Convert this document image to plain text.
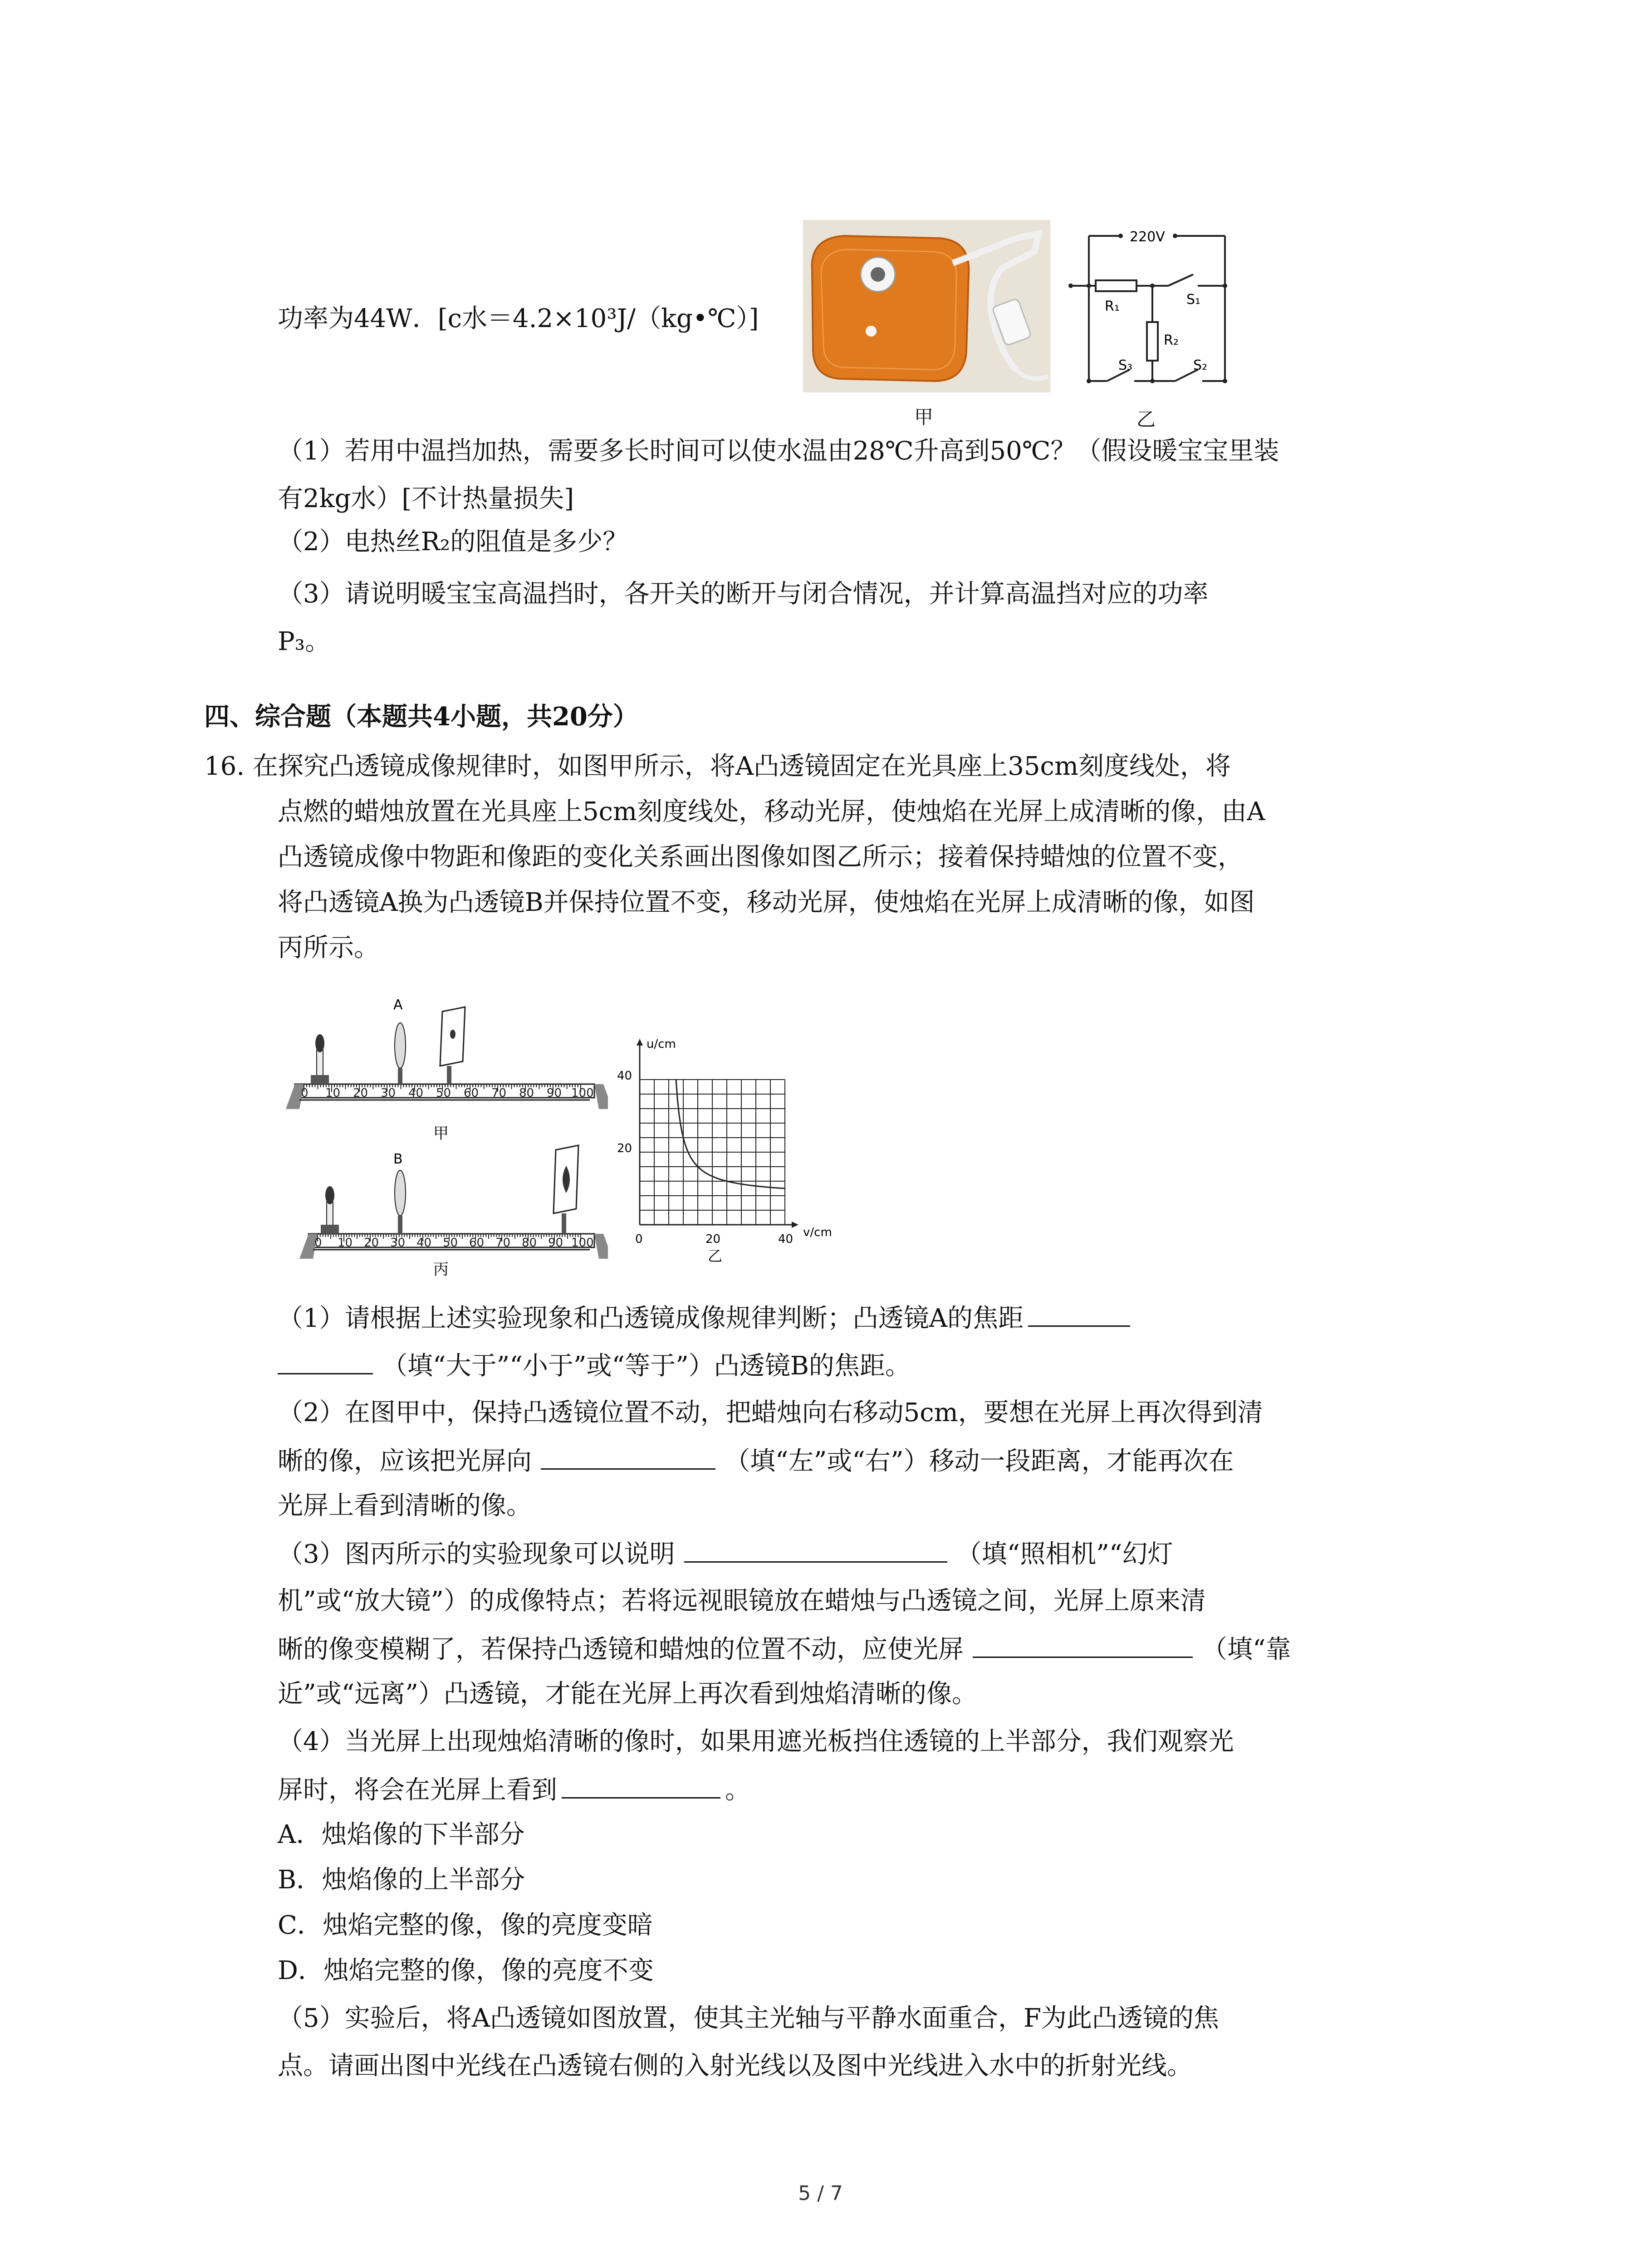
功率为44W．[c水＝4.2×10³J/（kg•℃）]
甲
220V
R₁
R₂
S₁
S₂
S₃
乙
（1）若用中温挡加热，需要多长时间可以使水温由28℃升高到50℃？（假设暖宝宝里装
有2kg水）[不计热量损失]
（2）电热丝R₂的阻值是多少？
（3）请说明暖宝宝高温挡时，各开关的断开与闭合情况，并计算高温挡对应的功率
P₃。
四、综合题（本题共4小题，共20分）
16. 在探究凸透镜成像规律时，如图甲所示，将A凸透镜固定在光具座上35cm刻度线处，将
点燃的蜡烛放置在光具座上5cm刻度线处，移动光屏，使烛焰在光屏上成清晰的像，由A
凸透镜成像中物距和像距的变化关系画出图像如图乙所示；接着保持蜡烛的位置不变，
将凸透镜A换为凸透镜B并保持位置不变，移动光屏，使烛焰在光屏上成清晰的像，如图
丙所示。
0 10 20 30 40 50 60 70 80 90 100
A
甲
0 10 20 30 40 50 60 70 80 90 100
B
丙
u/cm
v/cm
40
20
0	20	40
乙
（1）请根据上述实验现象和凸透镜成像规律判断；凸透镜A的焦距
（填“大于”“小于”或“等于”）凸透镜B的焦距。
（2）在图甲中，保持凸透镜位置不动，把蜡烛向右移动5cm，要想在光屏上再次得到清
晰的像，应该把光屏向	（填“左”或“右”）移动一段距离，才能再次在
光屏上看到清晰的像。
（3）图丙所示的实验现象可以说明	（填“照相机”“幻灯
机”或“放大镜”）的成像特点；若将远视眼镜放在蜡烛与凸透镜之间，光屏上原来清
晰的像变模糊了，若保持凸透镜和蜡烛的位置不动，应使光屏	（填“靠
近”或“远离”）凸透镜，才能在光屏上再次看到烛焰清晰的像。
（4）当光屏上出现烛焰清晰的像时，如果用遮光板挡住透镜的上半部分，我们观察光
屏时，将会在光屏上看到	。
A．烛焰像的下半部分
B．烛焰像的上半部分
C．烛焰完整的像，像的亮度变暗
D．烛焰完整的像，像的亮度不变
（5）实验后，将A凸透镜如图放置，使其主光轴与平静水面重合，F为此凸透镜的焦
点。请画出图中光线在凸透镜右侧的入射光线以及图中光线进入水中的折射光线。
5 / 7
